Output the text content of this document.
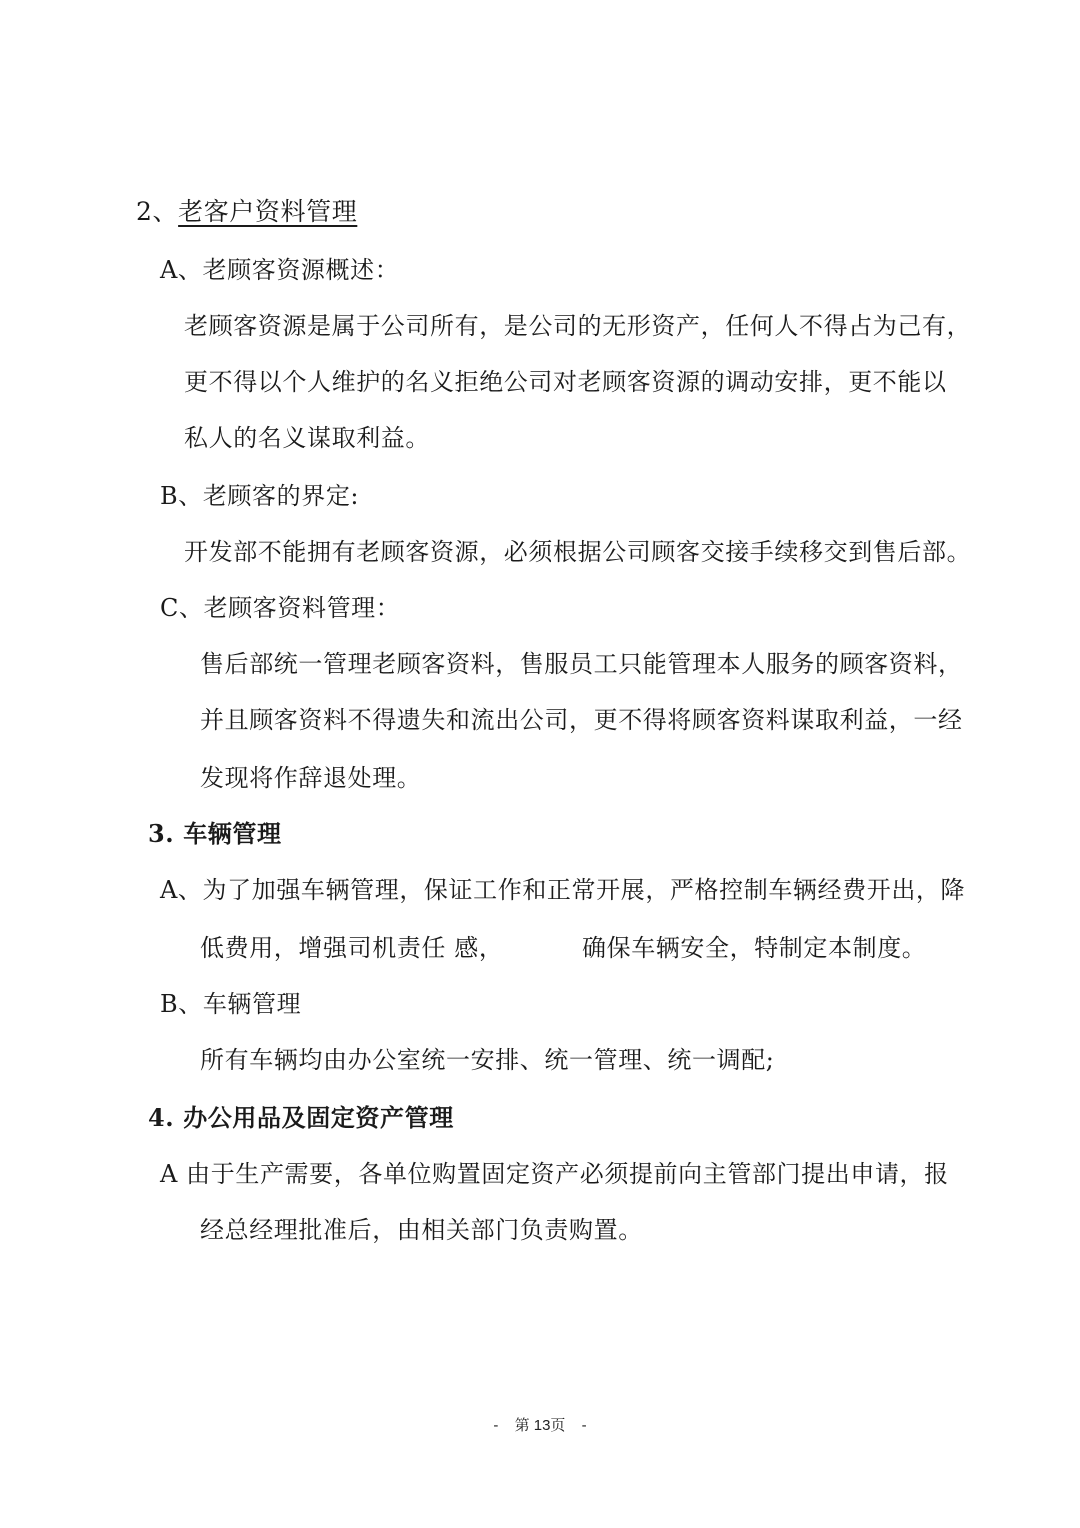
2、老客户资料管理
A、老顾客资源概述：
老顾客资源是属于公司所有，是公司的无形资产，任何人不得占为己有，
更不得以个人维护的名义拒绝公司对老顾客资源的调动安排，更不能以
私人的名义谋取利益。
B、老顾客的界定:
开发部不能拥有老顾客资源，必须根据公司顾客交接手续移交到售后部。
C、老顾客资料管理：
售后部统一管理老顾客资料，售服员工只能管理本人服务的顾客资料，
并且顾客资料不得遗失和流出公司，更不得将顾客资料谋取利益，一经
发现将作辞退处理。
3. 车辆管理
A、为了加强车辆管理，保证工作和正常开展，严格控制车辆经费开出，降
低费用，增强司机责任 感，	确保车辆安全，特制定本制度。
B、车辆管理
所有车辆均由办公室统一安排、统一管理、统一调配;
4. 办公用品及固定资产管理
A 由于生产需要，各单位购置固定资产必须提前向主管部门提出申请，报
经总经理批准后，由相关部门负责购置。
- 第 13页 -
